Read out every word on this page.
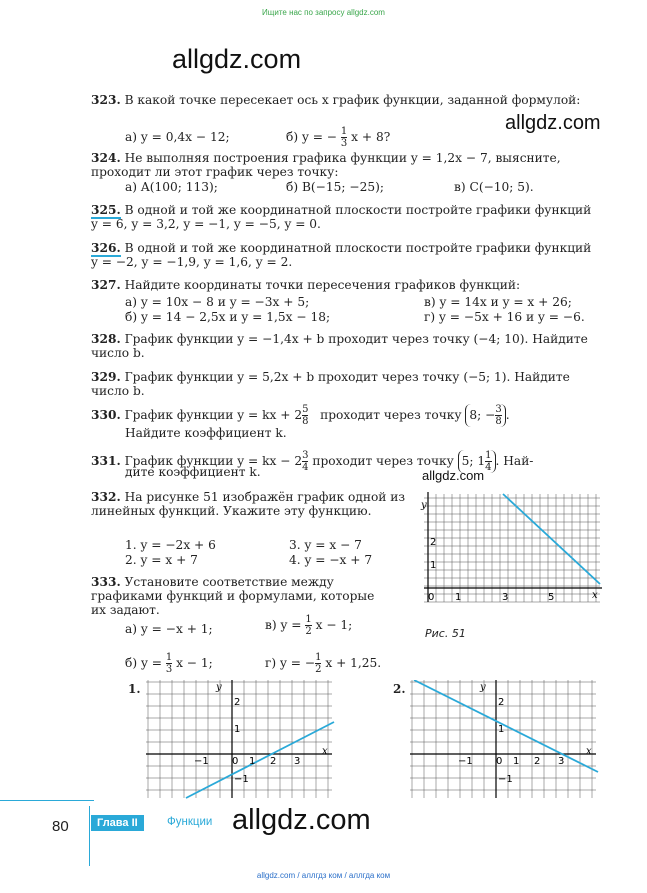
Ищите нас по запросу allgdz.com
allgdz.com
allgdz.com
allgdz.com
allgdz.com
323. В какой точке пересекает ось x график функции, заданной формулой:
а) y = 0,4x − 12;	б) y = − $\frac{1}{3}$ x + 8?
324. Не выполняя построения графика функции y = 1,2x − 7, выясните, проходит ли этот график через точку:
а) A(100; 113);	б) B(−15; −25);	в) C(−10; 5).
325. В одной и той же координатной плоскости постройте графики функций y = 6, y = 3,2, y = −1, y = −5, y = 0.
326. В одной и той же координатной плоскости постройте графики функций y = −2, y = −1,9, y = 1,6, y = 2.
327. Найдите координаты точки пересечения графиков функций:
а) y = 10x − 8 и y = −3x + 5;
б) y = 14 − 2,5x и y = 1,5x − 18;
в) y = 14x и y = x + 26;
г) y = −5x + 16 и y = −6.
328. График функции y = −1,4x + b проходит через точку (−4; 10). Найдите число b.
329. График функции y = 5,2x + b проходит через точку (−5; 1). Найдите число b.
330. График функции y = kx + $2 \frac{5}{8}$ проходит через точку 8; − $\frac{3}{8}$ .
Найдите коэффициент k.
331. График функции y = kx − $2 \frac{3}{4}$ проходит через точку 5; $1 \frac{1}{4}$ . Най-
дите коэффициент k.
332. На рисунке 51 изображён график одной из линейных функций. Укажите эту функцию.
1. y = −2x + 6
2. y = x + 7
3. y = x − 7
4. y = −x + 7
y
x
0 1	3	5
1
2
Рис. 51
333. Установите соответствие между графиками функций и формулами, которые их задают.
а) y = −x + 1;	в) $y = \frac{1}{2}$ x − 1;
б) $y = \frac{1}{3}$ x − 1;	г) y = − $\frac{1}{2}$ x + 1,25.
1.	y
x
−1 0 1 2 3
1
2
−1
2.	y
x
−1 0 1 2 3
1
2
−1
80	Глава II	Функции
allgdz.com / аллгдз ком / аллгда ком
